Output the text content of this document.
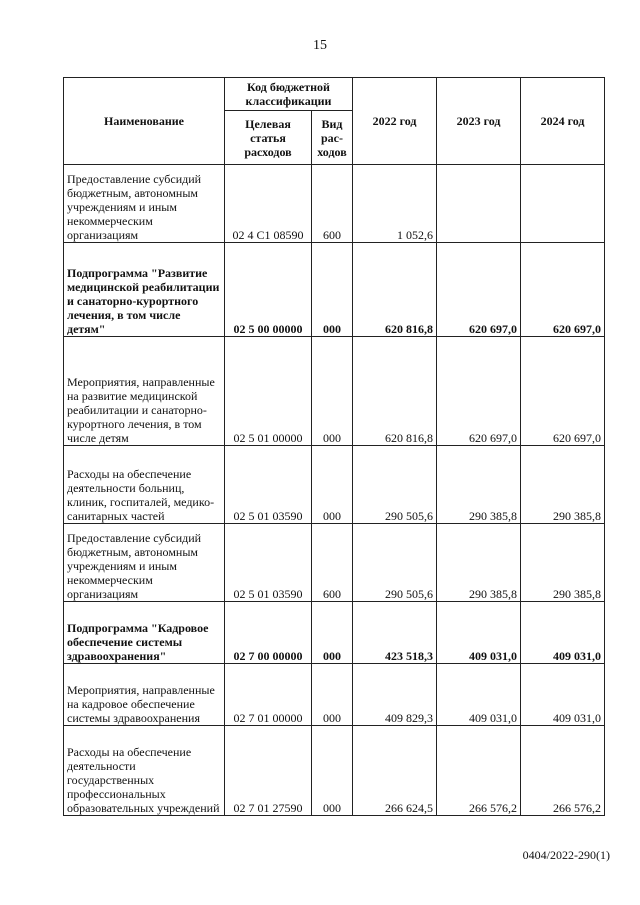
15
Наименование	Код бюджетной классификации		2022 год	2023 год	2024 год
	Целевая статья расходов	Вид рас-ходов			

Предоставление субсидий бюджетным, автономным учреждениям и иным некоммерческим организациям	02 4 C1 08590	600	1 052,6		

Подпрограмма "Развитие медицинской реабилитации и санаторно-курортного лечения, в том числе детям"	02 5 00 00000	000	620 816,8	620 697,0	620 697,0

Мероприятия, направленные на развитие медицинской реабилитации и санаторно-курортного лечения, в том числе детям	02 5 01 00000	000	620 816,8	620 697,0	620 697,0

Расходы на обеспечение деятельности больниц, клиник, госпиталей, медико-санитарных частей	02 5 01 03590	000	290 505,6	290 385,8	290 385,8

Предоставление субсидий бюджетным, автономным учреждениям и иным некоммерческим организациям	02 5 01 03590	600	290 505,6	290 385,8	290 385,8

Подпрограмма "Кадровое обеспечение системы здравоохранения"	02 7 00 00000	000	423 518,3	409 031,0	409 031,0

Мероприятия, направленные на кадровое обеспечение системы здравоохранения	02 7 01 00000	000	409 829,3	409 031,0	409 031,0

Расходы на обеспечение деятельности государственных профессиональных образовательных учреждений	02 7 01 27590	000	266 624,5	266 576,2	266 576,2
0404/2022-290(1)
